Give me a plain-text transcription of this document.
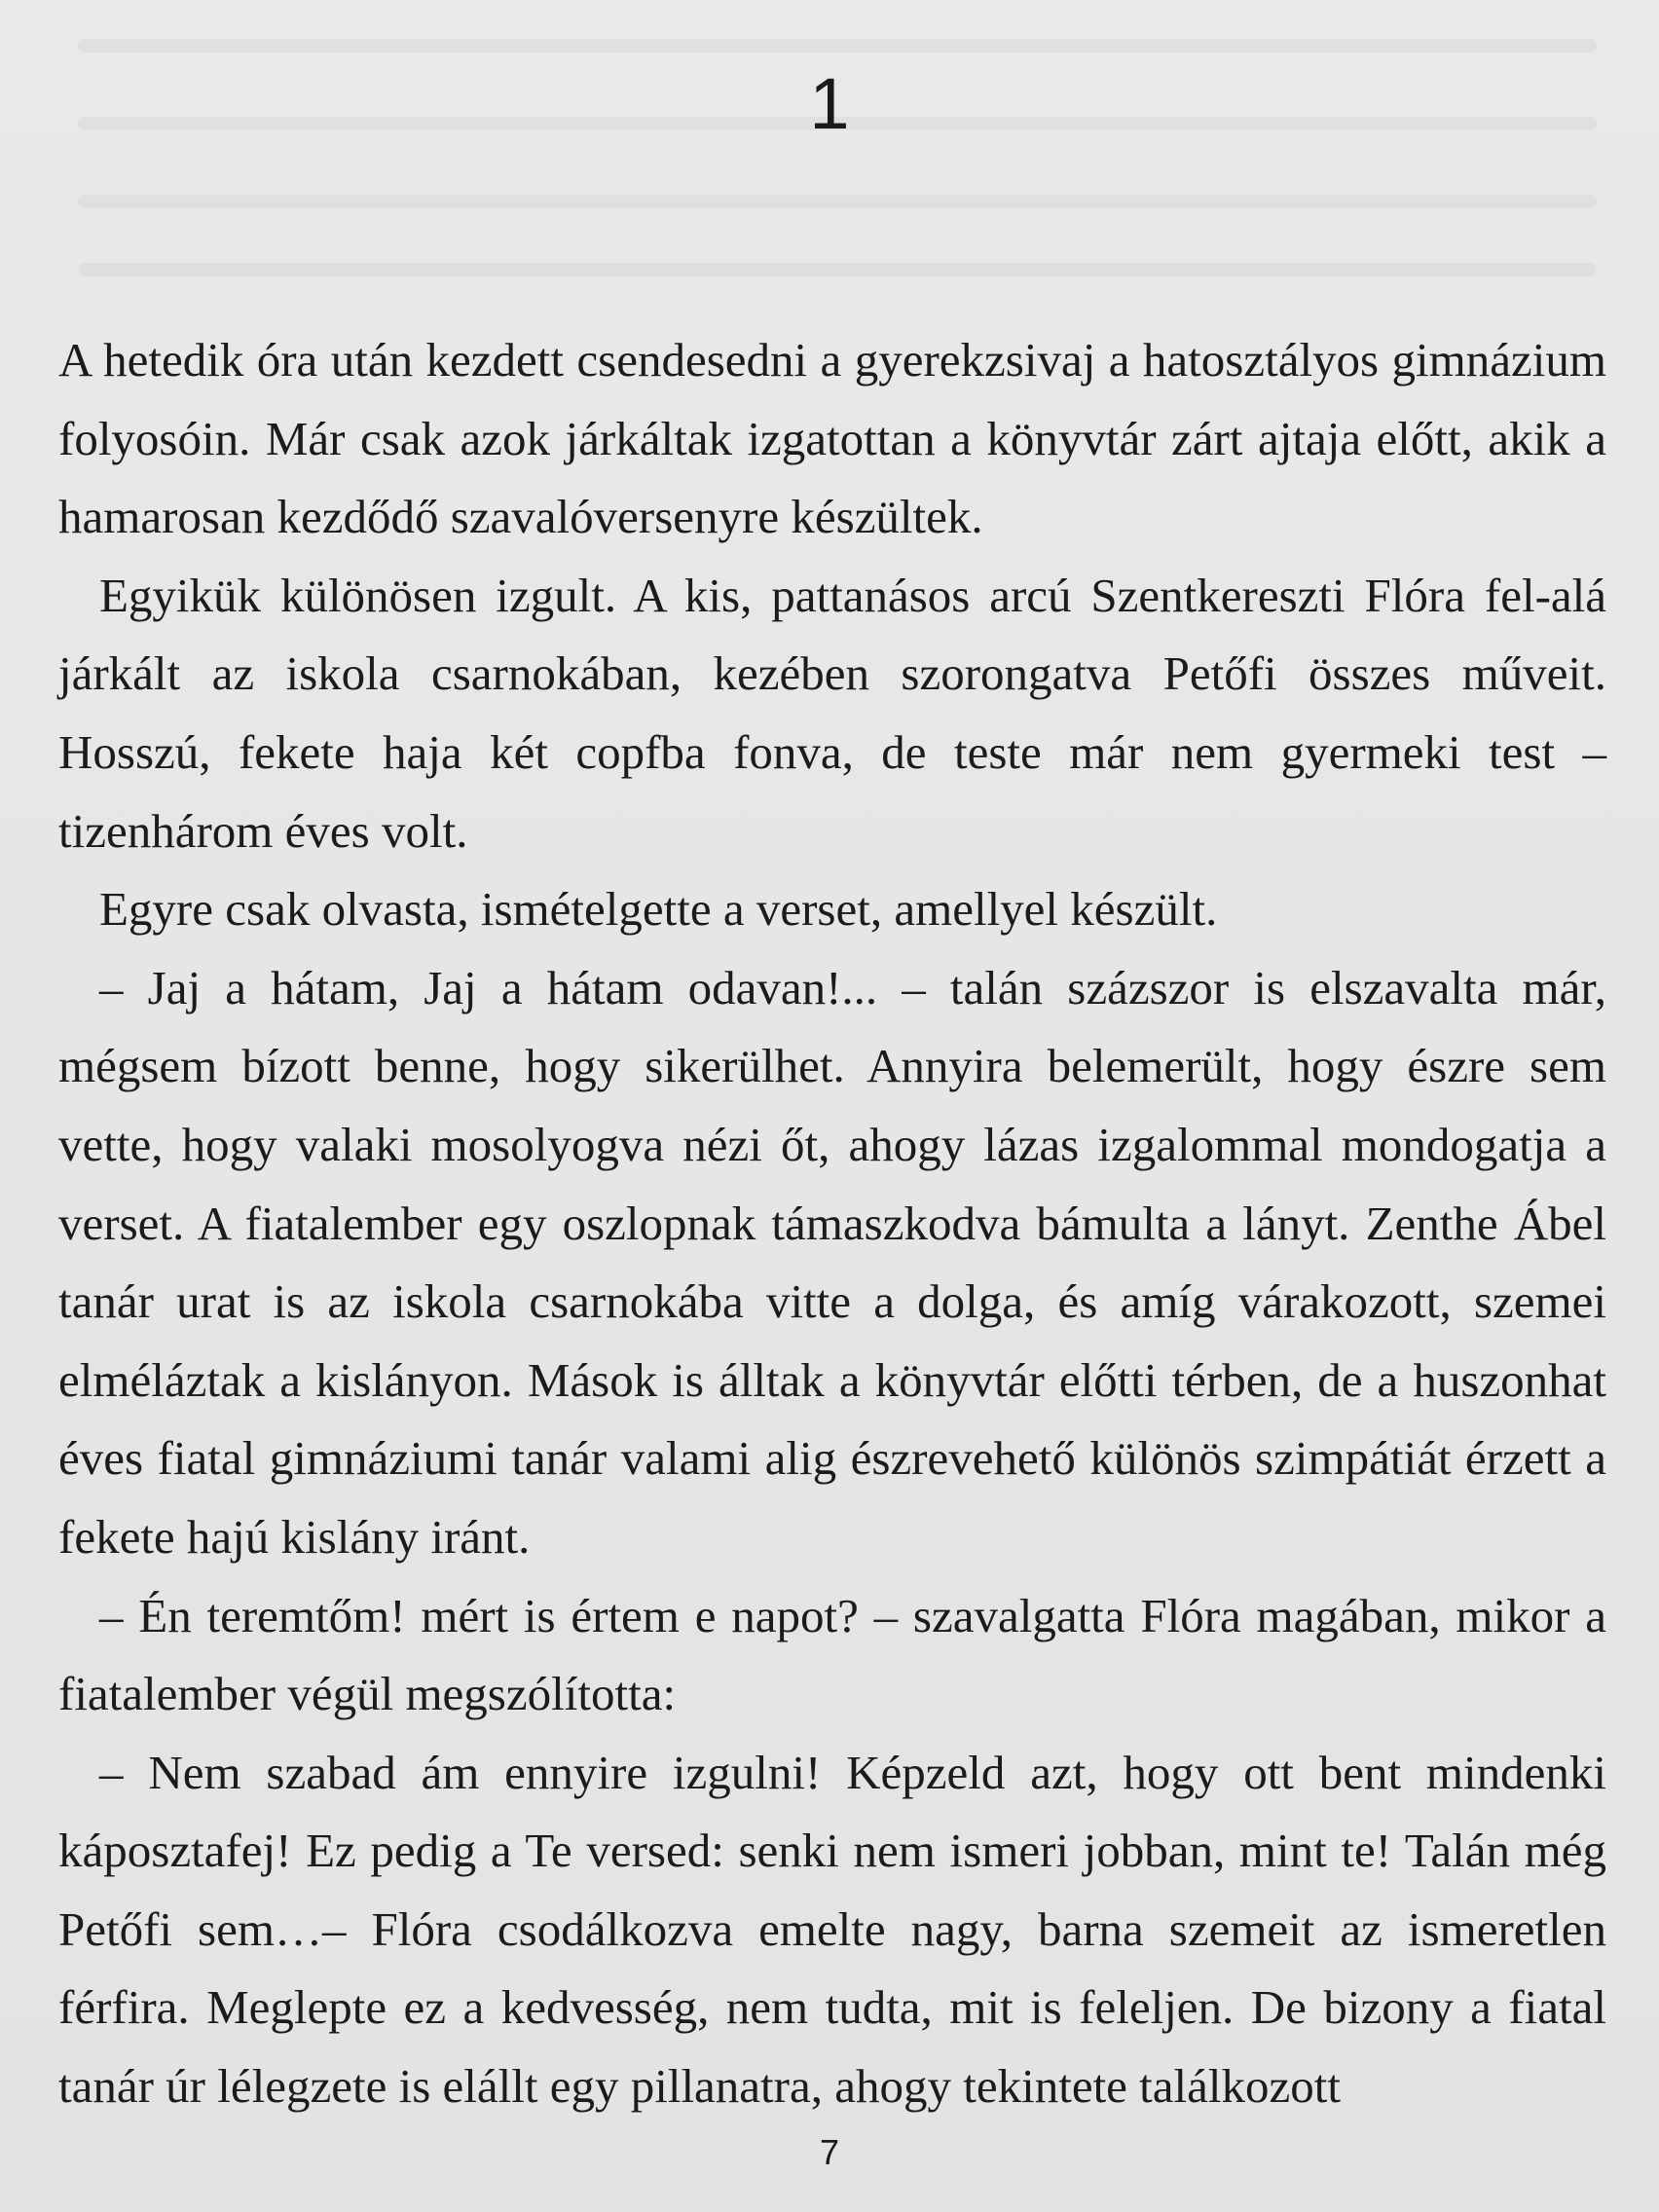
1

A hetedik óra után kezdett csendesedni a gyerekzsivaj a hatosztályos gimnázium folyosóin. Már csak azok járkáltak izgatottan a könyvtár zárt ajtaja előtt, akik a hamarosan kezdődő szavalóversenyre készültek.

Egyikük különösen izgult. A kis, pattanásos arcú Szentkereszti Flóra fel-alá járkált az iskola csarnokában, kezében szorongatva Petőfi összes műveit. Hosszú, fekete haja két copfba fonva, de teste már nem gyermeki test – tizenhárom éves volt.

Egyre csak olvasta, ismételgette a verset, amellyel készült.

– Jaj a hátam, Jaj a hátam odavan!... – talán százszor is elszavalta már, mégsem bízott benne, hogy sikerülhet. Annyira belemerült, hogy észre sem vette, hogy valaki mosolyogva nézi őt, ahogy lázas izgalommal mondogatja a verset. A fiatalember egy oszlopnak támaszkodva bámulta a lányt. Zenthe Ábel tanár urat is az iskola csarnokába vitte a dolga, és amíg várakozott, szemei elméláztak a kislányon. Mások is álltak a könyvtár előtti térben, de a huszonhat éves fiatal gimnáziumi tanár valami alig észrevehető különös szimpátiát érzett a fekete hajú kislány iránt.

– Én teremtőm! mért is értem e napot? – szavalgatta Flóra magában, mikor a fiatalember végül megszólította:

– Nem szabad ám ennyire izgulni! Képzeld azt, hogy ott bent mindenki káposztafej! Ez pedig a Te versed: senki nem ismeri jobban, mint te! Talán még Petőfi sem…– Flóra csodálkozva emelte nagy, barna szemeit az ismeretlen férfira. Meglepte ez a kedvesség, nem tudta, mit is feleljen. De bizony a fiatal tanár úr lélegzete is elállt egy pillanatra, ahogy tekintete találkozott

7
